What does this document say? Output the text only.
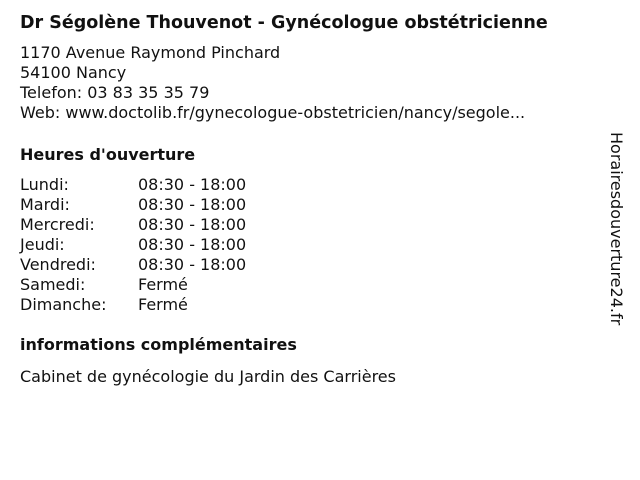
Dr Ségolène Thouvenot - Gynécologue obstétricienne
1170 Avenue Raymond Pinchard
54100 Nancy
Telefon: 03 83 35 35 79
Web: www.doctolib.fr/gynecologue-obstetricien/nancy/segole...
Heures d'ouverture
Lundi:	08:30 - 18:00
Mardi:	08:30 - 18:00
Mercredi:	08:30 - 18:00
Jeudi:	08:30 - 18:00
Vendredi:	08:30 - 18:00
Samedi:	Fermé
Dimanche:	Fermé
informations complémentaires
Cabinet de gynécologie du Jardin des Carrières
Horairesdouverture24.fr
